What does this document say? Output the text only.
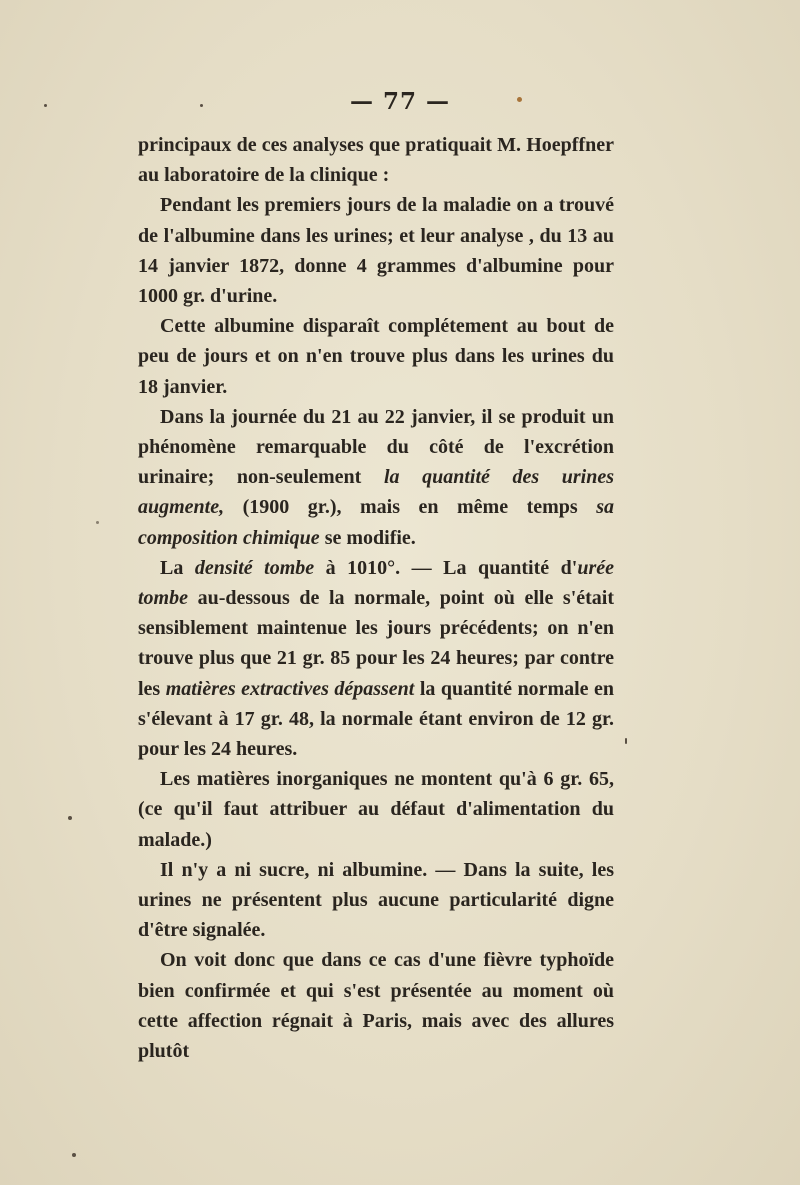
— 77 —

principaux de ces analyses que pratiquait M. Hoepffner au laboratoire de la clinique :

Pendant les premiers jours de la maladie on a trouvé de l'albumine dans les urines; et leur analyse , du 13 au 14 janvier 1872, donne 4 grammes d'albumine pour 1000 gr. d'urine.

Cette albumine disparaît complétement au bout de peu de jours et on n'en trouve plus dans les urines du 18 janvier.

Dans la journée du 21 au 22 janvier, il se produit un phénomène remarquable du côté de l'excrétion urinaire; non-seulement la quantité des urines augmente, (1900 gr.), mais en même temps sa composition chimique se modifie.

La densité tombe à 1010°. — La quantité d'urée tombe au-dessous de la normale, point où elle s'était sensiblement maintenue les jours précédents; on n'en trouve plus que 21 gr. 85 pour les 24 heures; par contre les matières extractives dépassent la quantité normale en s'élevant à 17 gr. 48, la normale étant environ de 12 gr. pour les 24 heures.

Les matières inorganiques ne montent qu'à 6 gr. 65, (ce qu'il faut attribuer au défaut d'alimentation du malade.)

Il n'y a ni sucre, ni albumine. — Dans la suite, les urines ne présentent plus aucune particularité digne d'être signalée.

On voit donc que dans ce cas d'une fièvre typhoïde bien confirmée et qui s'est présentée au moment où cette affection régnait à Paris, mais avec des allures plutôt
